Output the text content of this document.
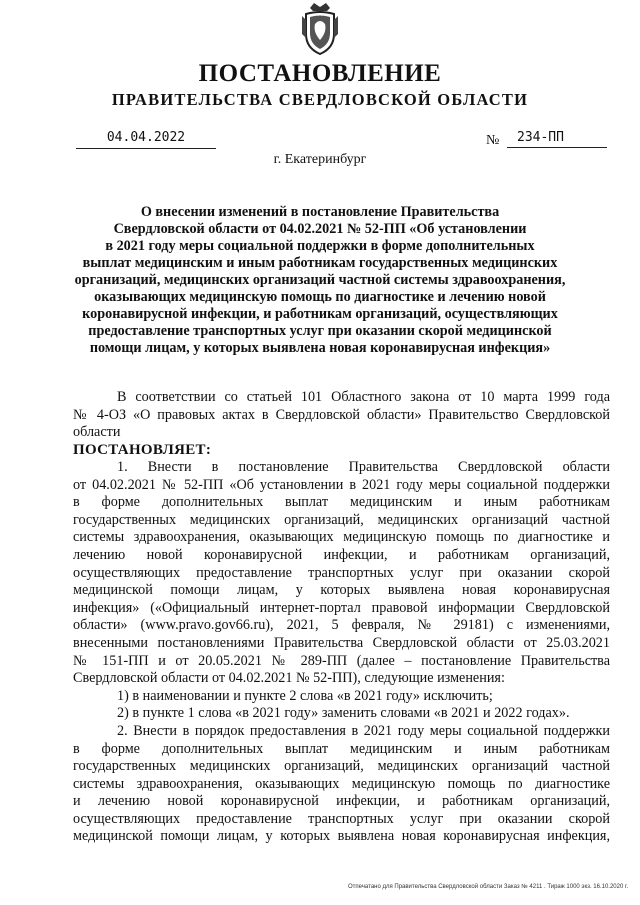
ПОСТАНОВЛЕНИЕ
ПРАВИТЕЛЬСТВА СВЕРДЛОВСКОЙ ОБЛАСТИ
04.04.2022	№	234-ПП
г. Екатеринбург
О внесении изменений в постановление Правительства
Свердловской области от 04.02.2021 № 52-ПП «Об установлении
в 2021 году меры социальной поддержки в форме дополнительных
выплат медицинским и иным работникам государственных медицинских
организаций, медицинских организаций частной системы здравоохранения,
оказывающих медицинскую помощь по диагностике и лечению новой
коронавирусной инфекции, и работникам организаций, осуществляющих
предоставление транспортных услуг при оказании скорой медицинской
помощи лицам, у которых выявлена новая коронавирусная инфекция»
В соответствии со статьей 101 Областного закона от 10 марта 1999 года
№ 4-ОЗ «О правовых актах в Свердловской области» Правительство Свердловской
области
ПОСТАНОВЛЯЕТ:
1. Внести в постановление Правительства Свердловской области
от 04.02.2021 № 52-ПП «Об установлении в 2021 году меры социальной поддержки
в форме дополнительных выплат медицинским и иным работникам
государственных медицинских организаций, медицинских организаций частной
системы здравоохранения, оказывающих медицинскую помощь по диагностике и
лечению новой коронавирусной инфекции, и работникам организаций,
осуществляющих предоставление транспортных услуг при оказании скорой
медицинской помощи лицам, у которых выявлена новая коронавирусная
инфекция» («Официальный интернет-портал правовой информации Свердловской
области» (www.pravo.gov66.ru), 2021, 5 февраля, № 29181) с изменениями,
внесенными постановлениями Правительства Свердловской области от 25.03.2021
№ 151-ПП и от 20.05.2021 № 289-ПП (далее – постановление Правительства
Свердловской области от 04.02.2021 № 52-ПП), следующие изменения:
1) в наименовании и пункте 2 слова «в 2021 году» исключить;
2) в пункте 1 слова «в 2021 году» заменить словами «в 2021 и 2022 годах».
2. Внести в порядок предоставления в 2021 году меры социальной поддержки
в форме дополнительных выплат медицинским и иным работникам
государственных медицинских организаций, медицинских организаций частной
системы здравоохранения, оказывающих медицинскую помощь по диагностике
и лечению новой коронавирусной инфекции, и работникам организаций,
осуществляющих предоставление транспортных услуг при оказании скорой
медицинской помощи лицам, у которых выявлена новая коронавирусная инфекция,
Отпечатано для Правительства Свердловской области Заказ № 4211 . Тираж 1000 экз. 16.10.2020 г.
